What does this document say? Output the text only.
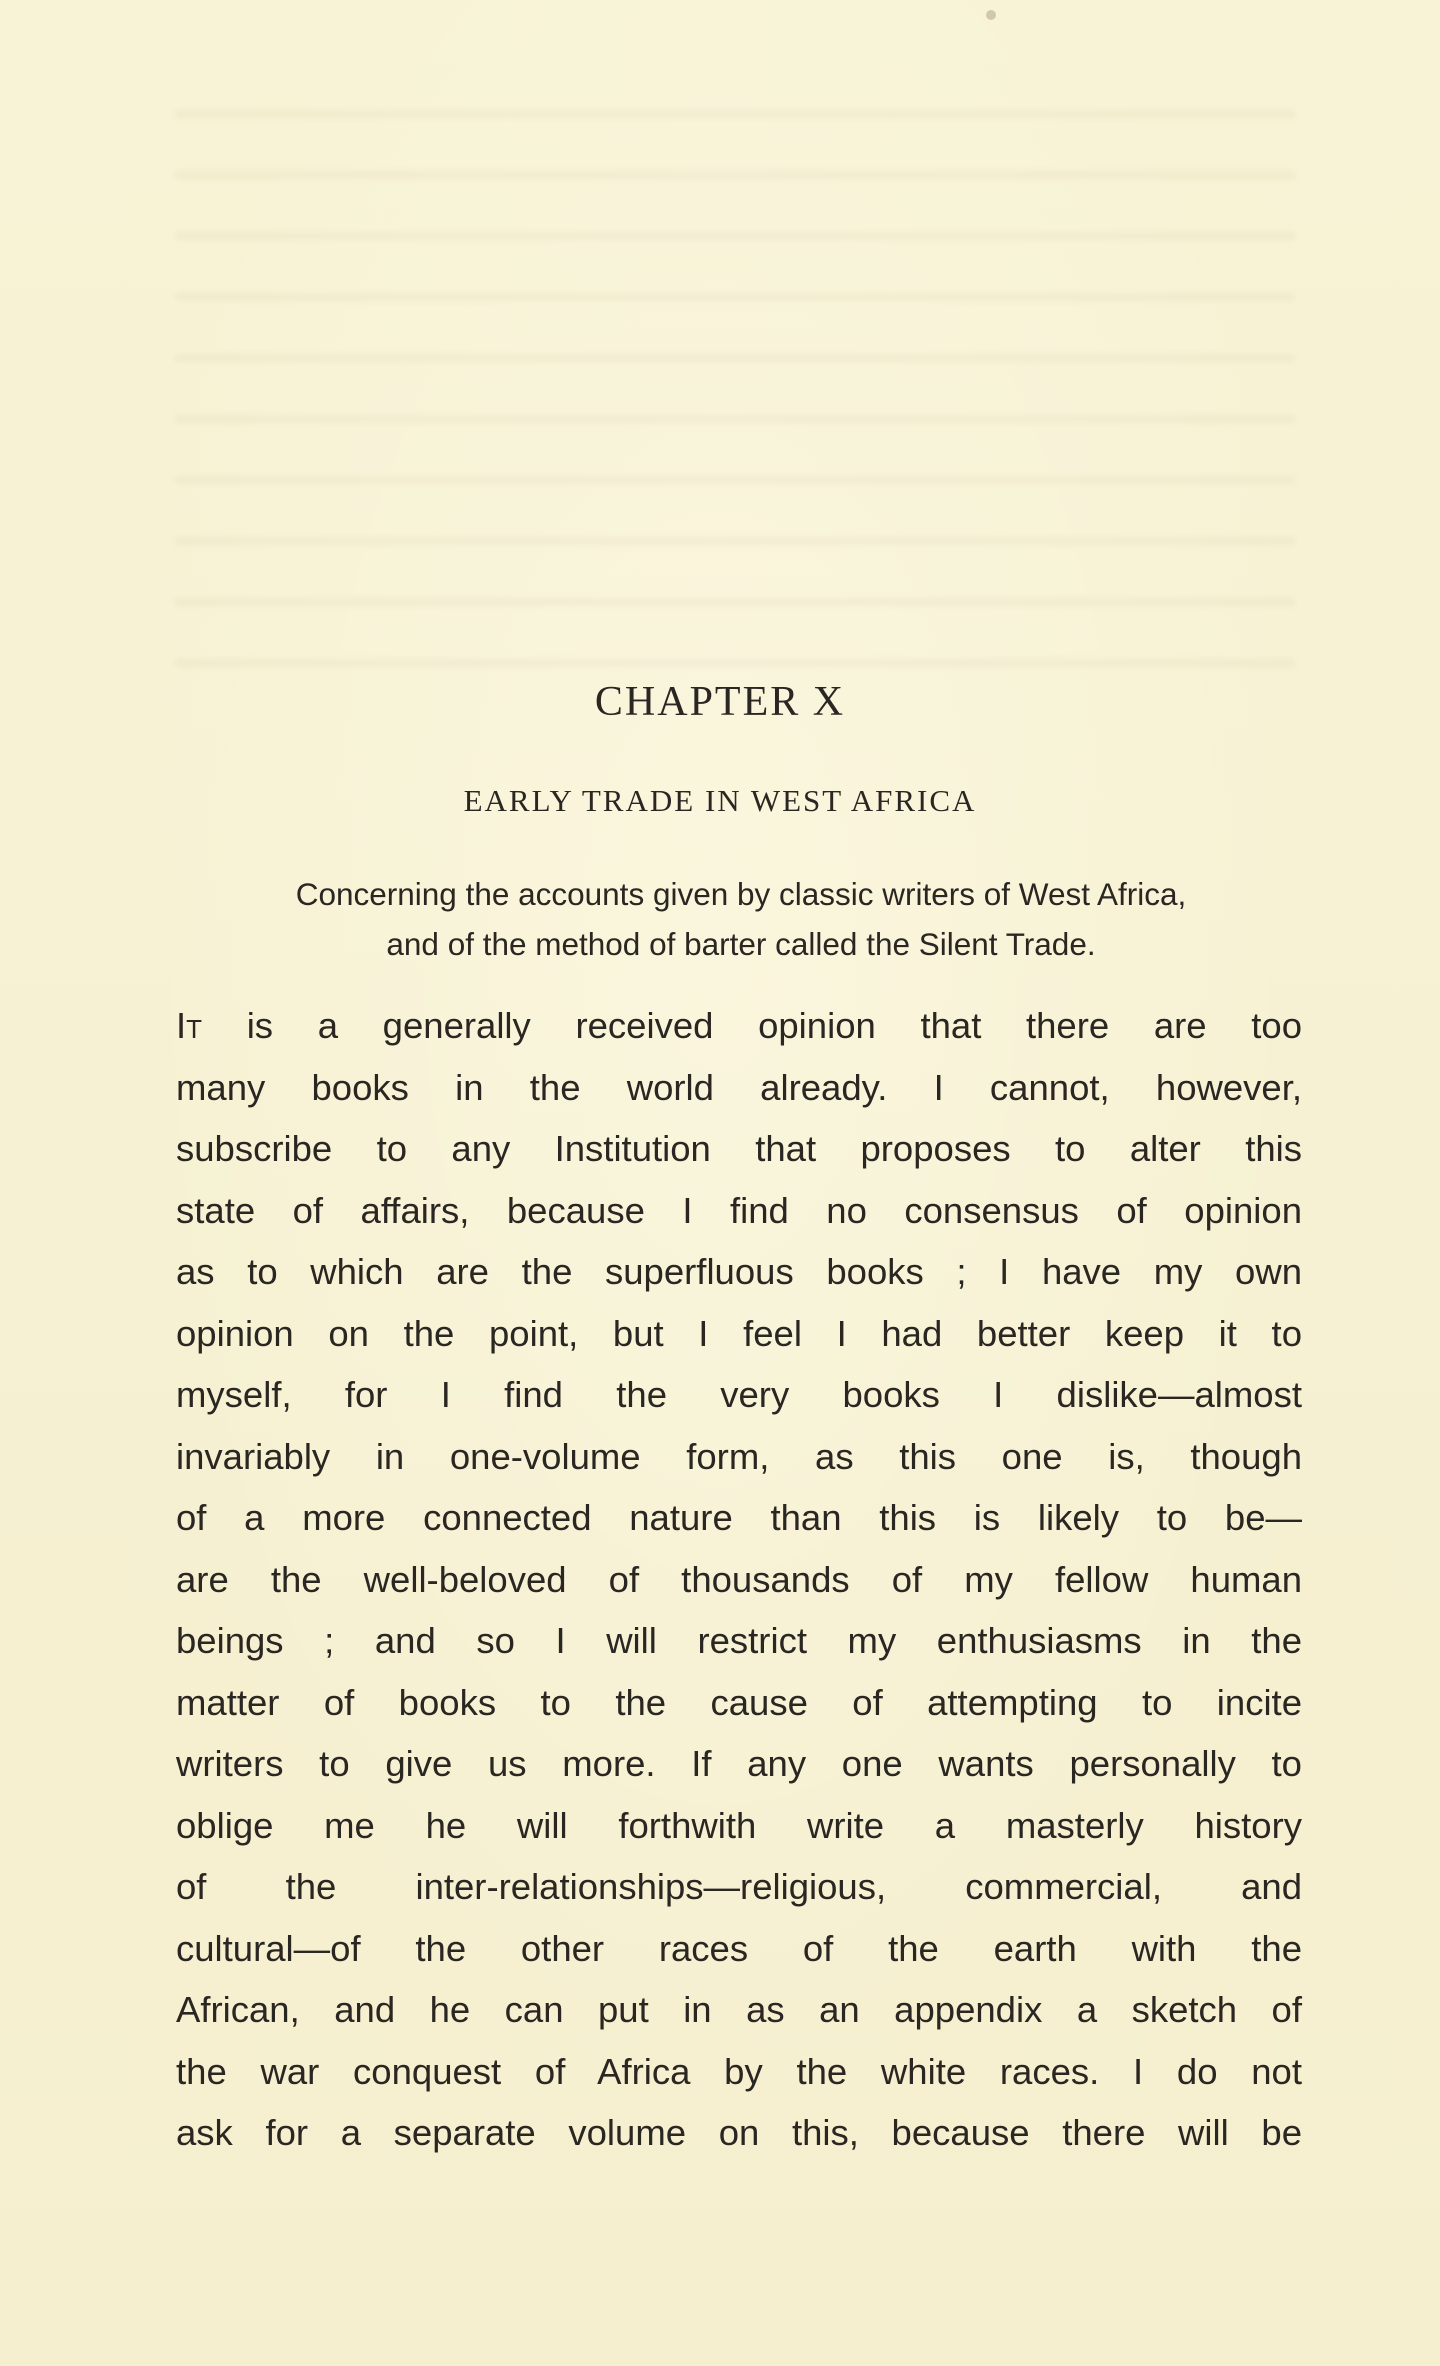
CHAPTER X
EARLY TRADE IN WEST AFRICA

Concerning the accounts given by classic writers of West Africa,
and of the method of barter called the Silent Trade.

It is a generally received opinion that there are too
many books in the world already. I cannot, however,
subscribe to any Institution that proposes to alter this
state of affairs, because I find no consensus of opinion
as to which are the superfluous books ; I have my own
opinion on the point, but I feel I had better keep it to
myself, for I find the very books I dislike—almost
invariably in one-volume form, as this one is, though
of a more connected nature than this is likely to be—
are the well-beloved of thousands of my fellow human
beings ; and so I will restrict my enthusiasms in the
matter of books to the cause of attempting to incite
writers to give us more. If any one wants personally to
oblige me he will forthwith write a masterly history
of the inter-relationships—religious, commercial, and
cultural—of the other races of the earth with the
African, and he can put in as an appendix a sketch of
the war conquest of Africa by the white races. I do not
ask for a separate volume on this, because there will be
